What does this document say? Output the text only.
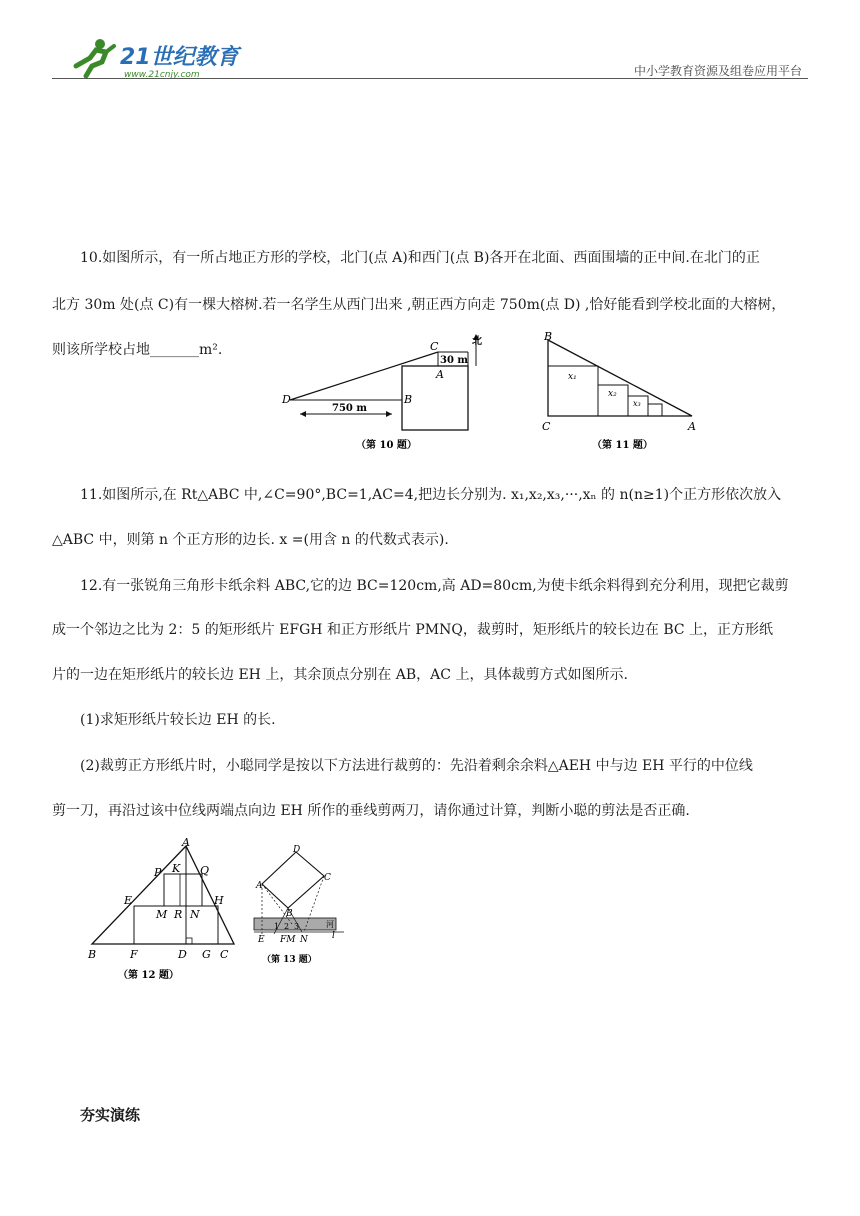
21世纪教育
www.21cnjy.com	中小学教育资源及组卷应用平台
10.如图所示，有一所占地正方形的学校，北门(点 A)和西门(点 B)各开在北面、西面围墙的正中间.在北门的正
北方 30m 处(点 C)有一棵大榕树.若一名学生从西门出来 ,朝正西方向走 750m(点 D) ,恰好能看到学校北面的大榕树，
则该所学校占地_______m².	C
30 m
A
B
D
750 m
北
（第 10 题）
B
C	A
x₁
x₂
x₃
（第 11 题）
11.如图所示,在 Rt△ABC 中,∠C=90°,BC=1,AC=4,把边长分别为. x₁,x₂,x₃,···,xₙ 的 n(n≥1)个正方形依次放入
△ABC 中，则第 n 个正方形的边长. x =(用含 n 的代数式表示).
12.有一张锐角三角形卡纸余料 ABC,它的边 BC=120cm,高 AD=80cm,为使卡纸余料得到充分利用，现把它裁剪
成一个邻边之比为 2：5 的矩形纸片 EFGH 和正方形纸片 PMNQ，裁剪时，矩形纸片的较长边在 BC 上，正方形纸
片的一边在矩形纸片的较长边 EH 上，其余顶点分别在 AB，AC 上，具体裁剪方式如图所示.
(1)求矩形纸片较长边 EH 的长.
(2)裁剪正方形纸片时，小聪同学是按以下方法进行裁剪的：先沿着剩余余料△AEH 中与边 EH 平行的中位线
剪一刀，再沿过该中位线两端点向边 EH 所作的垂线剪两刀，请你通过计算，判断小聪的剪法是否正确.
A
P K Q
E	H
M R N
B	F	D G C
（第 12 题）
D
A
C
B
1 2 3	河
E FM N	l
（第 13 题）
夯实演练
